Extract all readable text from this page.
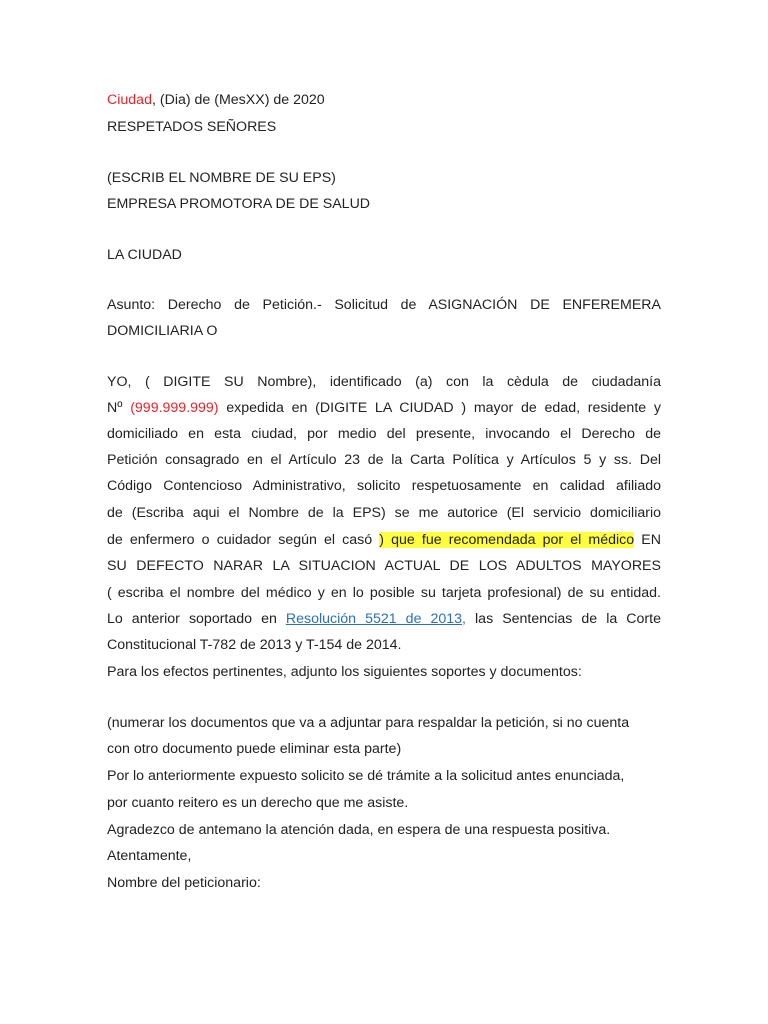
Ciudad, (Dia) de (MesXX) de 2020
RESPETADOS SEÑORES
(ESCRIB EL NOMBRE DE SU EPS)
EMPRESA PROMOTORA DE DE SALUD
LA CIUDAD
Asunto: Derecho de Petición.- Solicitud de ASIGNACIÓN DE ENFEREMERA
DOMICILIARIA O
YO, ( DIGITE SU Nombre), identificado (a) con la cèdula de ciudadanía
Nº (999.999.999) expedida en (DIGITE LA CIUDAD ) mayor de edad, residente y
domiciliado en esta ciudad, por medio del presente, invocando el Derecho de
Petición consagrado en el Artículo 23 de la Carta Política y Artículos 5 y ss. Del
Código Contencioso Administrativo, solicito respetuosamente en calidad afiliado
de (Escriba aqui el Nombre de la EPS) se me autorice (El servicio domiciliario
de enfermero o cuidador según el casó ) que fue recomendada por el médico EN
SU DEFECTO NARAR LA SITUACION ACTUAL DE LOS ADULTOS MAYORES
( escriba el nombre del médico y en lo posible su tarjeta profesional) de su entidad.
Lo anterior soportado en Resolución 5521 de 2013, las Sentencias de la Corte
Constitucional T-782 de 2013 y T-154 de 2014.
Para los efectos pertinentes, adjunto los siguientes soportes y documentos:
(numerar los documentos que va a adjuntar para respaldar la petición, si no cuenta
con otro documento puede eliminar esta parte)
Por lo anteriormente expuesto solicito se dé trámite a la solicitud antes enunciada,
por cuanto reitero es un derecho que me asiste.
Agradezco de antemano la atención dada, en espera de una respuesta positiva.
Atentamente,
Nombre del peticionario:
